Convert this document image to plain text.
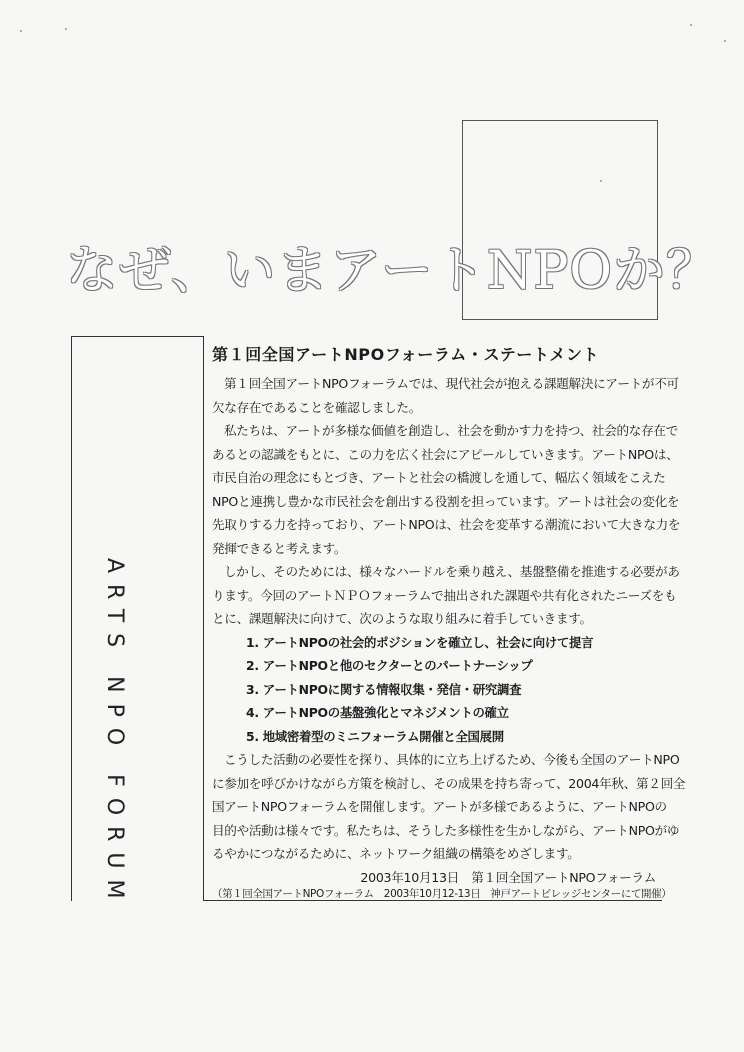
なぜ、いまアートNPOか？
ARTS NPO FORUM
第１回全国アートNPOフォーラム・ステートメント
第１回全国アートNPOフォーラムでは、現代社会が抱える課題解決にアートが不可
欠な存在であることを確認しました。
私たちは、アートが多様な価値を創造し、社会を動かす力を持つ、社会的な存在で
あるとの認識をもとに、この力を広く社会にアピールしていきます。アートNPOは、
市民自治の理念にもとづき、アートと社会の橋渡しを通して、幅広く領域をこえた
NPOと連携し豊かな市民社会を創出する役割を担っています。アートは社会の変化を
先取りする力を持っており、アートNPOは、社会を変革する潮流において大きな力を
発揮できると考えます。
しかし、そのためには、様々なハードルを乗り越え、基盤整備を推進する必要があ
ります。今回のアートＮＰＯフォーラムで抽出された課題や共有化されたニーズをも
とに、課題解決に向けて、次のような取り組みに着手していきます。
1. アートNPOの社会的ポジションを確立し、社会に向けて提言
2. アートNPOと他のセクターとのパートナーシップ
3. アートNPOに関する情報収集・発信・研究調査
4. アートNPOの基盤強化とマネジメントの確立
5. 地域密着型のミニフォーラム開催と全国展開
こうした活動の必要性を探り、具体的に立ち上げるため、今後も全国のアートNPO
に参加を呼びかけながら方策を検討し、その成果を持ち寄って、2004年秋、第２回全
国アートNPOフォーラムを開催します。アートが多様であるように、アートNPOの
目的や活動は様々です。私たちは、そうした多様性を生かしながら、アートNPOがゆ
るやかにつながるために、ネットワーク組織の構築をめざします。
2003年10月13日　第１回全国アートNPOフォーラム
（第１回全国アートNPOフォーラム　2003年10月12-13日　神戸アートビレッジセンターにて開催）
